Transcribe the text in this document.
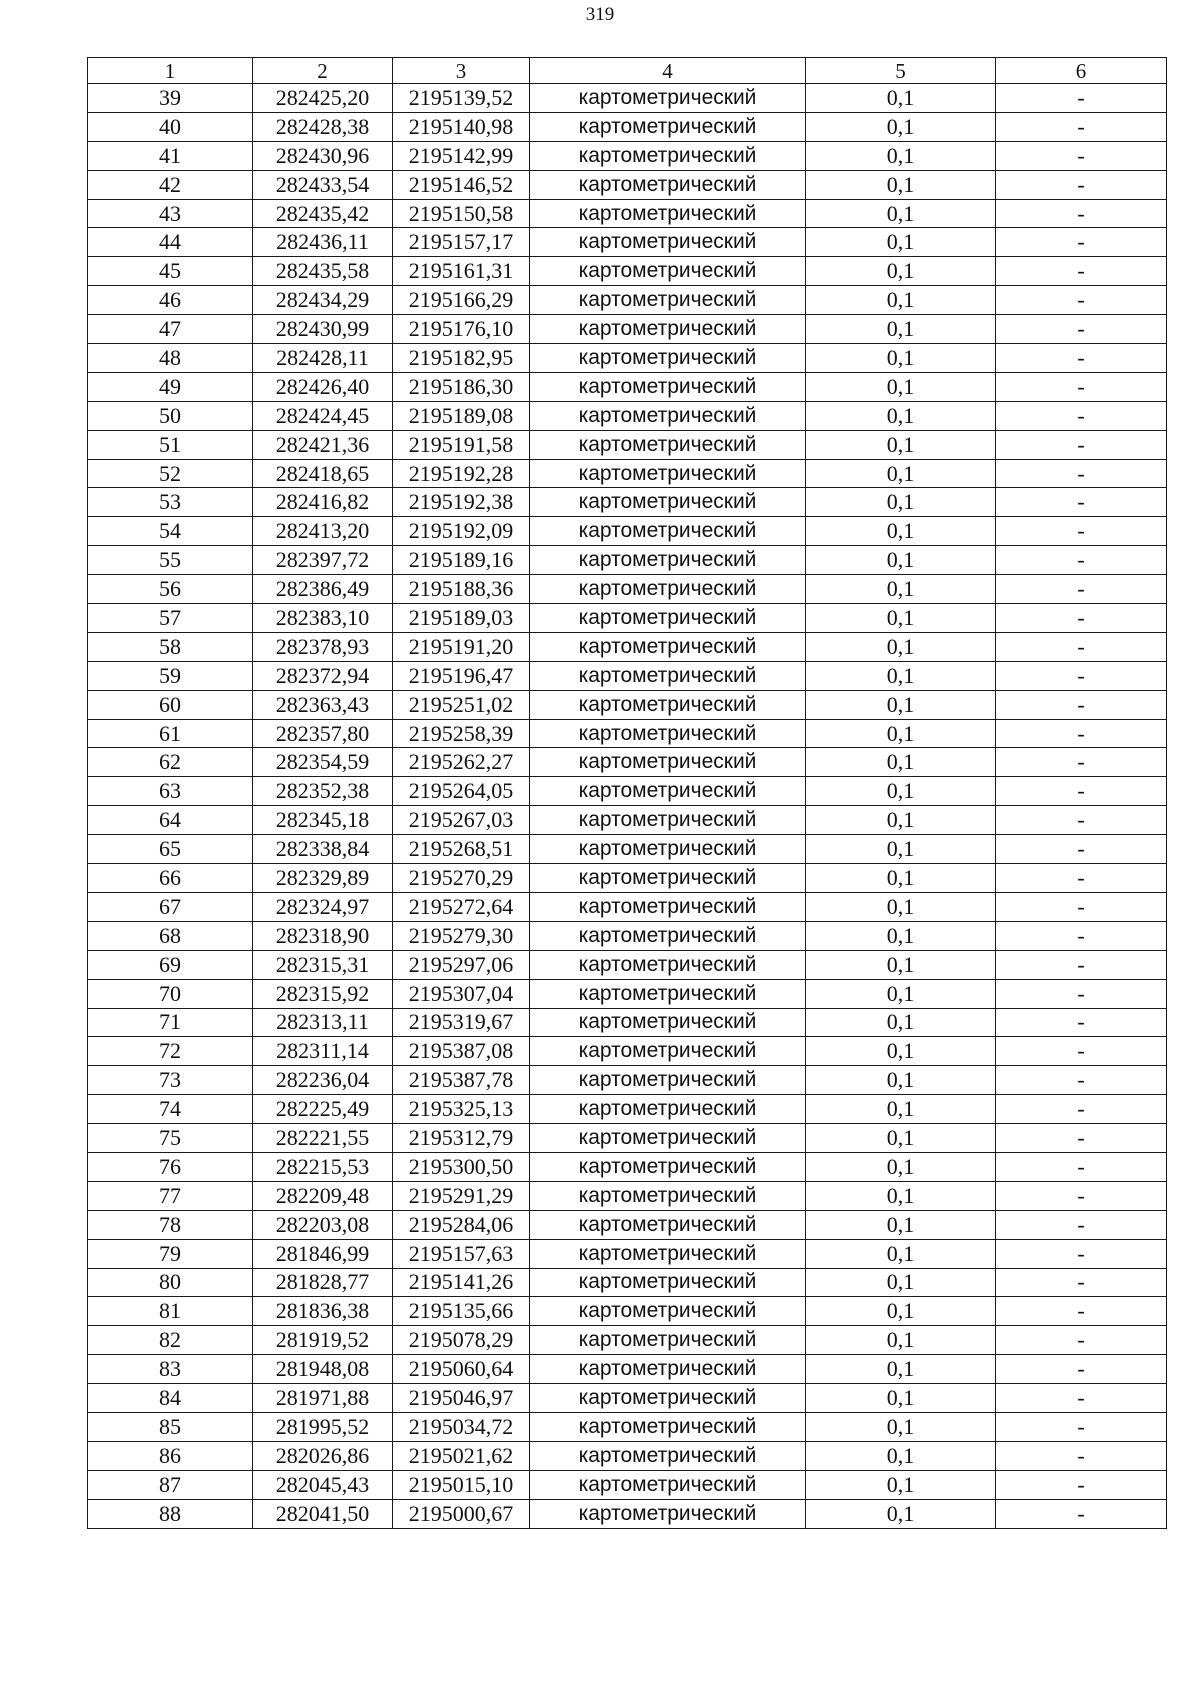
319
1	2	3	4	5	6
39	282425,20	2195139,52	картометрический	0,1	-
40	282428,38	2195140,98	картометрический	0,1	-
41	282430,96	2195142,99	картометрический	0,1	-
42	282433,54	2195146,52	картометрический	0,1	-
43	282435,42	2195150,58	картометрический	0,1	-
44	282436,11	2195157,17	картометрический	0,1	-
45	282435,58	2195161,31	картометрический	0,1	-
46	282434,29	2195166,29	картометрический	0,1	-
47	282430,99	2195176,10	картометрический	0,1	-
48	282428,11	2195182,95	картометрический	0,1	-
49	282426,40	2195186,30	картометрический	0,1	-
50	282424,45	2195189,08	картометрический	0,1	-
51	282421,36	2195191,58	картометрический	0,1	-
52	282418,65	2195192,28	картометрический	0,1	-
53	282416,82	2195192,38	картометрический	0,1	-
54	282413,20	2195192,09	картометрический	0,1	-
55	282397,72	2195189,16	картометрический	0,1	-
56	282386,49	2195188,36	картометрический	0,1	-
57	282383,10	2195189,03	картометрический	0,1	-
58	282378,93	2195191,20	картометрический	0,1	-
59	282372,94	2195196,47	картометрический	0,1	-
60	282363,43	2195251,02	картометрический	0,1	-
61	282357,80	2195258,39	картометрический	0,1	-
62	282354,59	2195262,27	картометрический	0,1	-
63	282352,38	2195264,05	картометрический	0,1	-
64	282345,18	2195267,03	картометрический	0,1	-
65	282338,84	2195268,51	картометрический	0,1	-
66	282329,89	2195270,29	картометрический	0,1	-
67	282324,97	2195272,64	картометрический	0,1	-
68	282318,90	2195279,30	картометрический	0,1	-
69	282315,31	2195297,06	картометрический	0,1	-
70	282315,92	2195307,04	картометрический	0,1	-
71	282313,11	2195319,67	картометрический	0,1	-
72	282311,14	2195387,08	картометрический	0,1	-
73	282236,04	2195387,78	картометрический	0,1	-
74	282225,49	2195325,13	картометрический	0,1	-
75	282221,55	2195312,79	картометрический	0,1	-
76	282215,53	2195300,50	картометрический	0,1	-
77	282209,48	2195291,29	картометрический	0,1	-
78	282203,08	2195284,06	картометрический	0,1	-
79	281846,99	2195157,63	картометрический	0,1	-
80	281828,77	2195141,26	картометрический	0,1	-
81	281836,38	2195135,66	картометрический	0,1	-
82	281919,52	2195078,29	картометрический	0,1	-
83	281948,08	2195060,64	картометрический	0,1	-
84	281971,88	2195046,97	картометрический	0,1	-
85	281995,52	2195034,72	картометрический	0,1	-
86	282026,86	2195021,62	картометрический	0,1	-
87	282045,43	2195015,10	картометрический	0,1	-
88	282041,50	2195000,67	картометрический	0,1	-
